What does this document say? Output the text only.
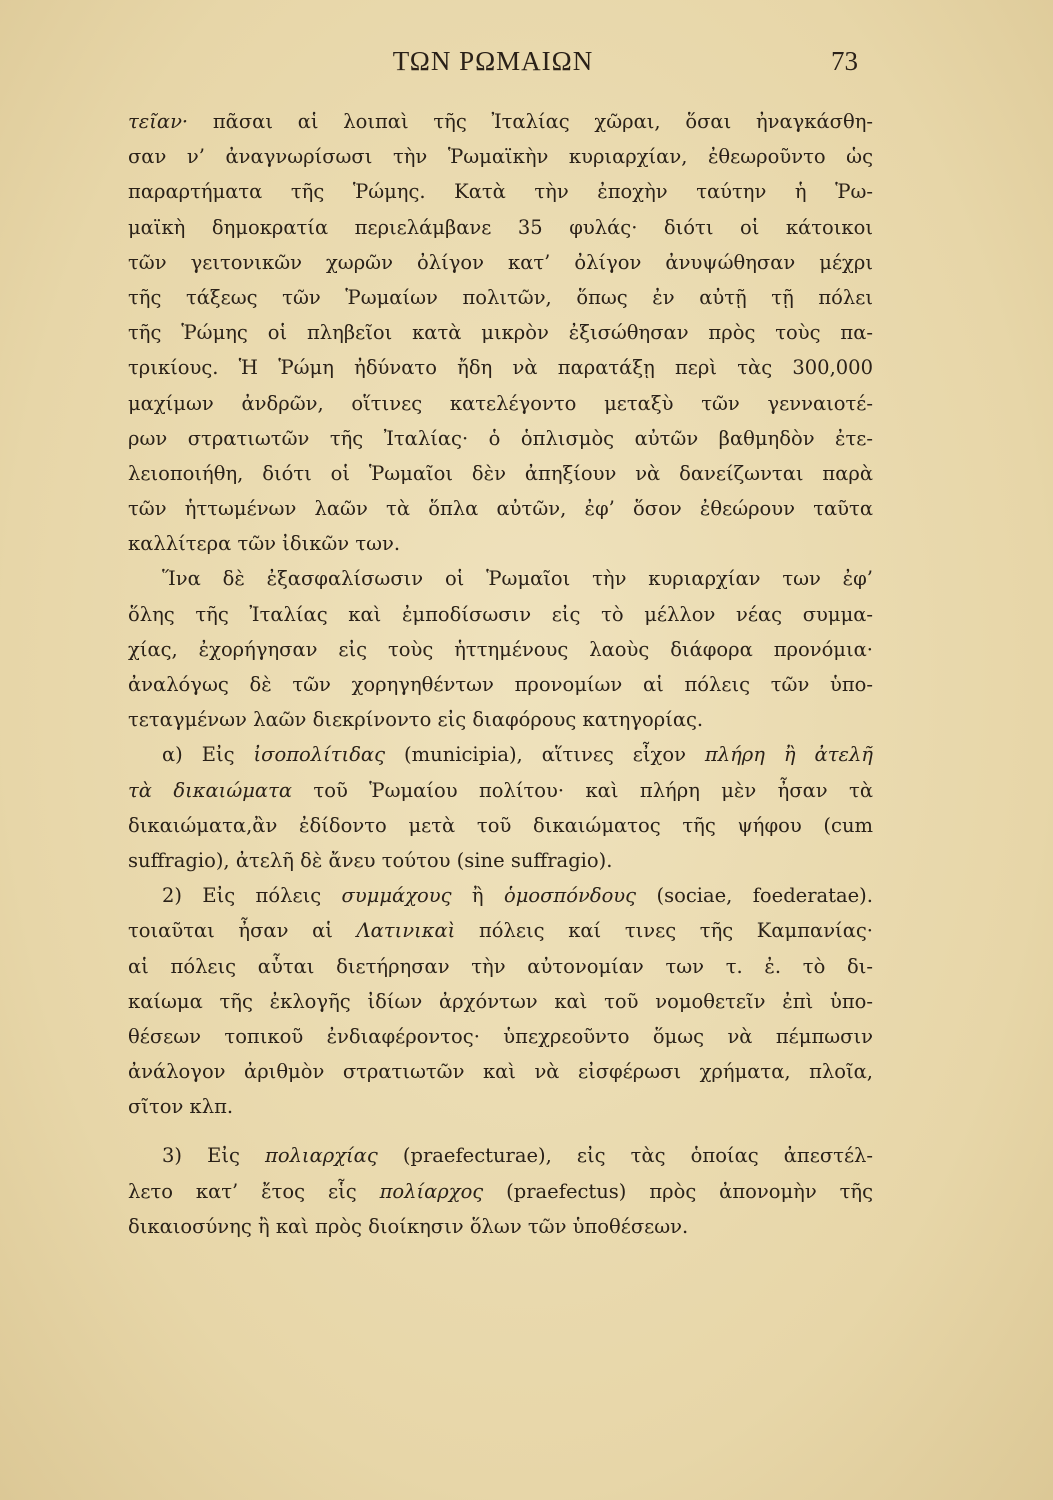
ΤΩΝ ΡΩΜΑΙΩΝ	73
τεῖαν· πᾶσαι αἱ λοιπαὶ τῆς Ἰταλίας χῶραι, ὅσαι ἠναγκάσθη-
σαν ν’ ἀναγνωρίσωσι τὴν Ῥωμαϊκὴν κυριαρχίαν, ἐθεωροῦντο ὡς
παραρτήματα τῆς Ῥώμης. Κατὰ τὴν ἐποχὴν ταύτην ἡ Ῥω-
μαϊκὴ δημοκρατία περιελάμβανε 35 φυλάς· διότι οἱ κάτοικοι
τῶν γειτονικῶν χωρῶν ὀλίγον κατ’ ὀλίγον ἀνυψώθησαν μέχρι
τῆς τάξεως τῶν Ῥωμαίων πολιτῶν, ὅπως ἐν αὐτῇ τῇ πόλει
τῆς Ῥώμης οἱ πληβεῖοι κατὰ μικρὸν ἐξισώθησαν πρὸς τοὺς πα-
τρικίους. Ἡ Ῥώμη ἠδύνατο ἤδη νὰ παρατάξῃ περὶ τὰς 300,000
μαχίμων ἀνδρῶν, οἵτινες κατελέγοντο μεταξὺ τῶν γενναιοτέ-
ρων στρατιωτῶν τῆς Ἰταλίας· ὁ ὁπλισμὸς αὐτῶν βαθμηδὸν ἐτε-
λειοποιήθη, διότι οἱ Ῥωμαῖοι δὲν ἀπηξίουν νὰ δανείζωνται παρὰ
τῶν ἡττωμένων λαῶν τὰ ὅπλα αὐτῶν, ἐφ’ ὅσον ἐθεώρουν ταῦτα
καλλίτερα τῶν ἰδικῶν των.
Ἵνα δὲ ἐξασφαλίσωσιν οἱ Ῥωμαῖοι τὴν κυριαρχίαν των ἐφ’
ὅλης τῆς Ἰταλίας καὶ ἐμποδίσωσιν εἰς τὸ μέλλον νέας συμμα-
χίας, ἐχορήγησαν εἰς τοὺς ἡττημένους λαοὺς διάφορα προνόμια·
ἀναλόγως δὲ τῶν χορηγηθέντων προνομίων αἱ πόλεις τῶν ὑπο-
τεταγμένων λαῶν διεκρίνοντο εἰς διαφόρους κατηγορίας.
α) Εἰς ἰσοπολίτιδας (municipia), αἵτινες εἶχον πλήρη ἢ ἀτελῆ
τὰ δικαιώματα τοῦ Ῥωμαίου πολίτου· καὶ πλήρη μὲν ἦσαν τὰ
δικαιώματα,ἂν ἐδίδοντο μετὰ τοῦ δικαιώματος τῆς ψήφου (cum
suffragio), ἀτελῆ δὲ ἄνευ τούτου (sine suffragio).
2) Εἰς πόλεις συμμάχους ἢ ὁμοσπόνδους (sociae, foederatae).
τοιαῦται ἦσαν αἱ Λατινικαὶ πόλεις καί τινες τῆς Καμπανίας·
αἱ πόλεις αὗται διετήρησαν τὴν αὐτονομίαν των τ. ἐ. τὸ δι-
καίωμα τῆς ἐκλογῆς ἰδίων ἀρχόντων καὶ τοῦ νομοθετεῖν ἐπὶ ὑπο-
θέσεων τοπικοῦ ἐνδιαφέροντος· ὑπεχρεοῦντο ὅμως νὰ πέμπωσιν
ἀνάλογον ἀριθμὸν στρατιωτῶν καὶ νὰ εἰσφέρωσι χρήματα, πλοῖα,
σῖτον κλπ.
3) Εἰς πολιαρχίας (praefecturae), εἰς τὰς ὁποίας ἀπεστέλ-
λετο κατ’ ἔτος εἷς πολίαρχος (praefectus) πρὸς ἀπονομὴν τῆς
δικαιοσύνης ἢ καὶ πρὸς διοίκησιν ὅλων τῶν ὑποθέσεων.
